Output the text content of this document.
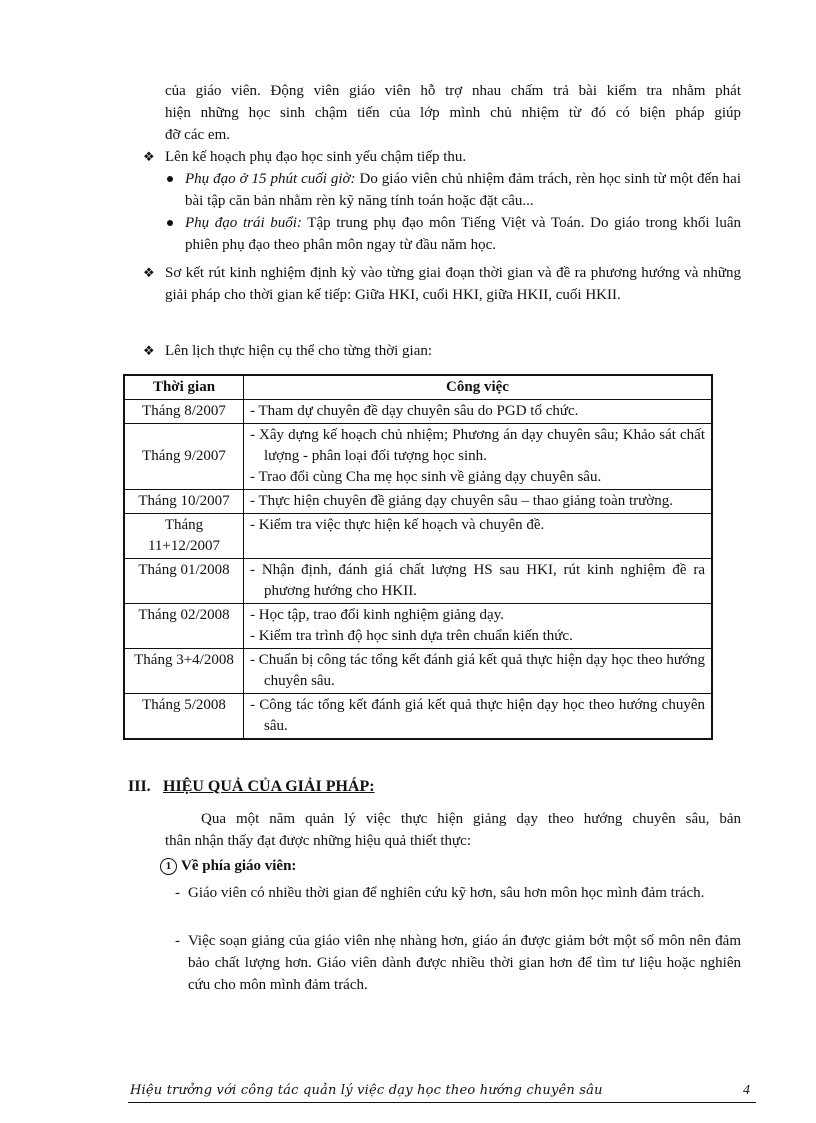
của giáo viên. Động viên giáo viên hỗ trợ nhau chấm trả bài kiểm tra nhằm phát

hiện những học sinh chậm tiến của lớp mình chủ nhiệm từ đó có biện pháp giúp

đỡ các em.

❖ Lên kế hoạch phụ đạo học sinh yếu chậm tiếp thu.
Phụ đạo ở 15 phút cuối giờ: Do giáo viên chủ nhiệm đảm trách, rèn học sinh từ một đến hai bài tập căn bản nhằm rèn kỹ năng tính toán hoặc đặt câu...
Phụ đạo trái buổi: Tập trung phụ đạo môn Tiếng Việt và Toán. Do giáo trong khối luân phiên phụ đạo theo phân môn ngay từ đầu năm học.
❖ Sơ kết rút kinh nghiệm định kỳ vào từng giai đoạn thời gian và đề ra phương hướng và những giải pháp cho thời gian kế tiếp: Giữa HKI, cuối HKI, giữa HKII, cuối HKII.
❖ Lên lịch thực hiện cụ thể cho từng thời gian:
Thời gian	Công việc
Tháng 8/2007	- Tham dự chuyên đề dạy chuyên sâu do PGD tổ chức.

Tháng 9/2007	- Xây dựng kế hoạch chủ nhiệm; Phương án dạy chuyên sâu; Khảo sát chất lượng - phân loại đối tượng học sinh.

- Trao đổi cùng Cha mẹ học sinh về giảng dạy chuyên sâu.

Tháng 10/2007	- Thực hiện chuyên đề giảng dạy chuyên sâu – thao giảng toàn trường.

Tháng 11+12/2007	- Kiểm tra việc thực hiện kế hoạch và chuyên đề.

Tháng 01/2008	- Nhận định, đánh giá chất lượng HS sau HKI, rút kinh nghiệm đề ra phương hướng cho HKII.

Tháng 02/2008	- Học tập, trao đổi kinh nghiệm giảng dạy.

- Kiểm tra trình độ học sinh dựa trên chuẩn kiến thức.

Tháng 3+4/2008	- Chuẩn bị công tác tổng kết đánh giá kết quả thực hiện dạy học theo hướng chuyên sâu.

Tháng 5/2008	- Công tác tổng kết đánh giá kết quả thực hiện dạy học theo hướng chuyên sâu.

III. HIỆU QUẢ CỦA GIẢI PHÁP:

Qua một năm quản lý việc thực hiện giảng dạy theo hướng chuyên sâu, bản

thân nhận thấy đạt được những hiệu quả thiết thực:

1 Về phía giáo viên:
- Giáo viên có nhiều thời gian để nghiên cứu kỹ hơn, sâu hơn môn học mình đảm trách.
- Việc soạn giảng của giáo viên nhẹ nhàng hơn, giáo án được giảm bớt một số môn nên đảm bảo chất lượng hơn. Giáo viên dành được nhiều thời gian hơn để tìm tư liệu hoặc nghiên cứu cho môn mình đảm trách.
Hiệu trưởng với công tác quản lý việc dạy học theo hướng chuyên sâu	4
